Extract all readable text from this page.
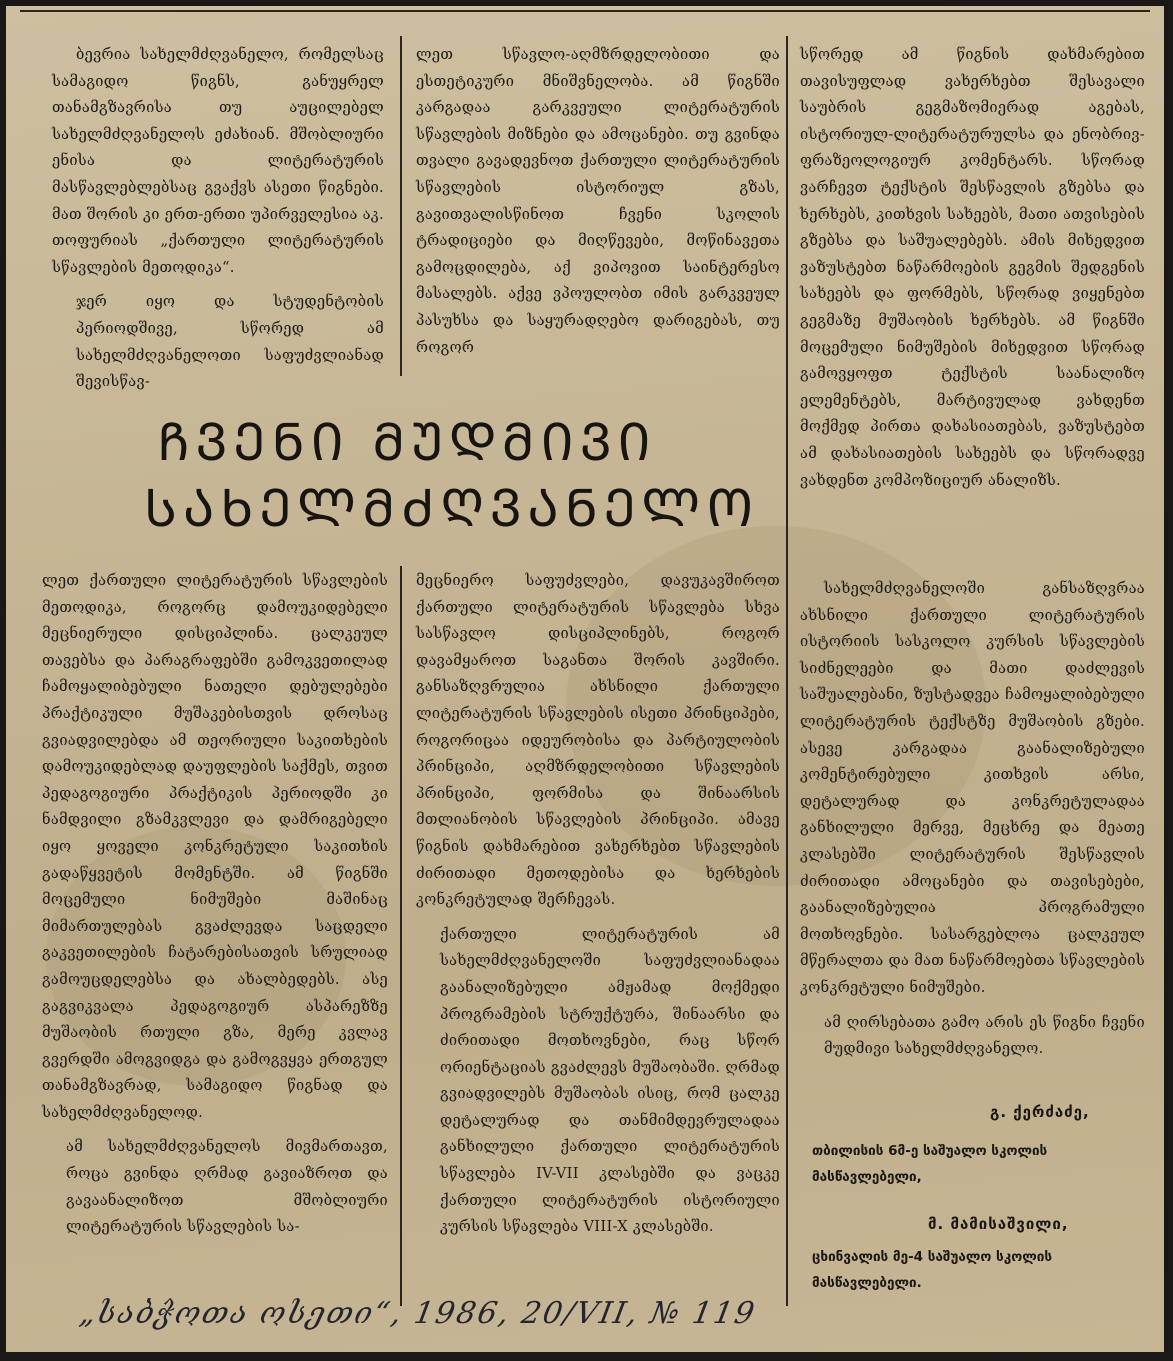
ბევრია სახელმძღვანელო, რომელსაც სამაგიდო წიგნს, განუყრელ თანამგზავრისა თუ აუცილებელ სახელმძღვანელოს ეძახიან. მშობლიური ენისა და ლიტერატურის მასწავლებლებსაც გვაქვს ასეთი წიგნები. მათ შორის კი ერთ-ერთი უპირველესია აკ. თოფურიას „ქართული ლიტერატურის სწავლების მეთოდიკა“.
ჯერ იყო და სტუდენტობის პერიოდშივე, სწორედ ამ სახელმძღვანელოთი საფუძვლიანად შევისწავ-
ლეთ სწავლო-აღმზრდელობითი და ესთეტიკური მნიშვნელობა. ამ წიგნში კარგადაა გარკვეული ლიტერატურის სწავლების მიზნები და ამოცანები. თუ გვინდა თვალი გავადევნოთ ქართული ლიტერატურის სწავლების ისტორიულ გზას, გავითვალისწინოთ ჩვენი სკოლის ტრადიციები და მიღწევები, მოწინავეთა გამოცდილება, აქ ვიპოვით საინტერესო მასალებს. აქვე ვპოულობთ იმის გარკვეულ პასუხსა და საყურადღებო დარიგებას, თუ როგორ
სწორედ ამ წიგნის დახმარებით თავისუფლად ვახერხებთ შესავალი საუბრის გეგმაზომიერად აგებას, ისტორიულ-ლიტერატურულსა და ენობრივ-ფრაზეოლოგიურ კომენტარს. სწორად ვარჩევთ ტექსტის შესწავლის გზებსა და ხერხებს, კითხვის სახეებს, მათი ათვისების გზებსა და საშუალებებს. ამის მიხედვით ვაზუსტებთ ნაწარმოების გეგმის შედგენის სახეებს და ფორმებს, სწორად ვიყენებთ გეგმაზე მუშაობის ხერხებს. ამ წიგნში მოცემული ნიმუშების მიხედვით სწორად გამოვყოფთ ტექსტის საანალიზო ელემენტებს, მარტივულად ვახდენთ მოქმედ პირთა დახასიათებას, ვაზუსტებთ ამ დახასიათების სახეებს და სწორადვე ვახდენთ კომპოზიციურ ანალიზს.
ᲩᲕᲔᲜᲘ ᲛᲣᲓᲛᲘᲕᲘ
ᲡᲐᲮᲔᲚᲛᲫᲦᲕᲐᲜᲔᲚᲝ
ლეთ ქართული ლიტერატურის სწავლების მეთოდიკა, როგორც დამოუკიდებელი მეცნიერული დისციპლინა. ცალკეულ თავებსა და პარაგრაფებში გამოკვეთილად ჩამოყალიბებული ნათელი დებულებები პრაქტიკული მუშაკებისთვის დროსაც გვიადვილებდა ამ თეორიული საკითხების დამოუკიდებლად დაუფლების საქმეს, თვით პედაგოგიური პრაქტიკის პერიოდში კი ნამდვილი გზამკვლევი და დამრიგებელი იყო ყოველი კონკრეტული საკითხის გადაწყვეტის მომენტში. ამ წიგნში მოცემული ნიმუშები მაშინაც მიმართულებას გვაძლევდა საცდელი გაკვეთილების ჩატარებისათვის სრულიად გამოუცდელებსა და ახალბედებს. ასე გაგვიკვალა პედაგოგიურ ასპარეზზე მუშაობის რთული გზა, მერე კვლავ გვერდში ამოგვიდგა და გამოგვყვა ერთგულ თანამგზავრად, სამაგიდო წიგნად და სახელმძღვანელოდ.
ამ სახელმძღვანელოს მივმართავთ, როცა გვინდა ღრმად გავიაზროთ და გავაანალიზოთ მშობლიური ლიტერატურის სწავლების სა-
მეცნიერო საფუძვლები, დავუკავშიროთ ქართული ლიტერატურის სწავლება სხვა სასწავლო დისციპლინებს, როგორ დავამყაროთ საგანთა შორის კავშირი. განსაზღვრულია ახსნილი ქართული ლიტერატურის სწავლების ისეთი პრინციპები, როგორიცაა იდეურობისა და პარტიულობის პრინციპი, აღმზრდელობითი სწავლების პრინციპი, ფორმისა და შინაარსის მთლიანობის სწავლების პრინციპი. ამავე წიგნის დახმარებით ვახერხებთ სწავლების ძირითადი მეთოდებისა და ხერხების კონკრეტულად შერჩევას.
ქართული ლიტერატურის ამ სახელმძღვანელოში საფუძვლიანადაა გაანალიზებული ამჟამად მოქმედი პროგრამების სტრუქტურა, შინაარსი და ძირითადი მოთხოვნები, რაც სწორ ორიენტაციას გვაძლევს მუშაობაში. ღრმად გვიადვილებს მუშაობას ისიც, რომ ცალკე დეტალურად და თანმიმდევრულადაა განხილული ქართული ლიტერატურის სწავლება IV-VII კლასებში და ვაცკე ქართული ლიტერატურის ისტორიული კურსის სწავლება VIII-X კლასებში.
სახელმძღვანელოში განსაზღვრაა ახსნილი ქართული ლიტერატურის ისტორიის სასკოლო კურსის სწავლების სიძნელეები და მათი დაძლევის საშუალებანი, ზუსტადვეა ჩამოყალიბებული ლიტერატურის ტექსტზე მუშაობის გზები. ასევე კარგადაა გაანალიზებული კომენტირებული კითხვის არსი, დეტალურად და კონკრეტულადაა განხილული მერვე, მეცხრე და მეათე კლასებში ლიტერატურის შესწავლის ძირითადი ამოცანები და თავისებები, გაანალიზებულია პროგრამული მოთხოვნები. სასარგებლოა ცალკეულ მწერალთა და მათ ნაწარმოებთა სწავლების კონკრეტული ნიმუშები.
ამ ღირსებათა გამო არის ეს წიგნი ჩვენი მუდმივი სახელმძღვანელო.
გ. ქერძაძე,
თბილისის 6მ-ე საშუალო სკოლის მასწავლებელი,
მ. მამისაშვილი,
ცხინვალის მე-4 საშუალო სკოლის მასწავლებელი.
„საბჭოთა ოსეთი“, 1986, 20/VII, № 119
